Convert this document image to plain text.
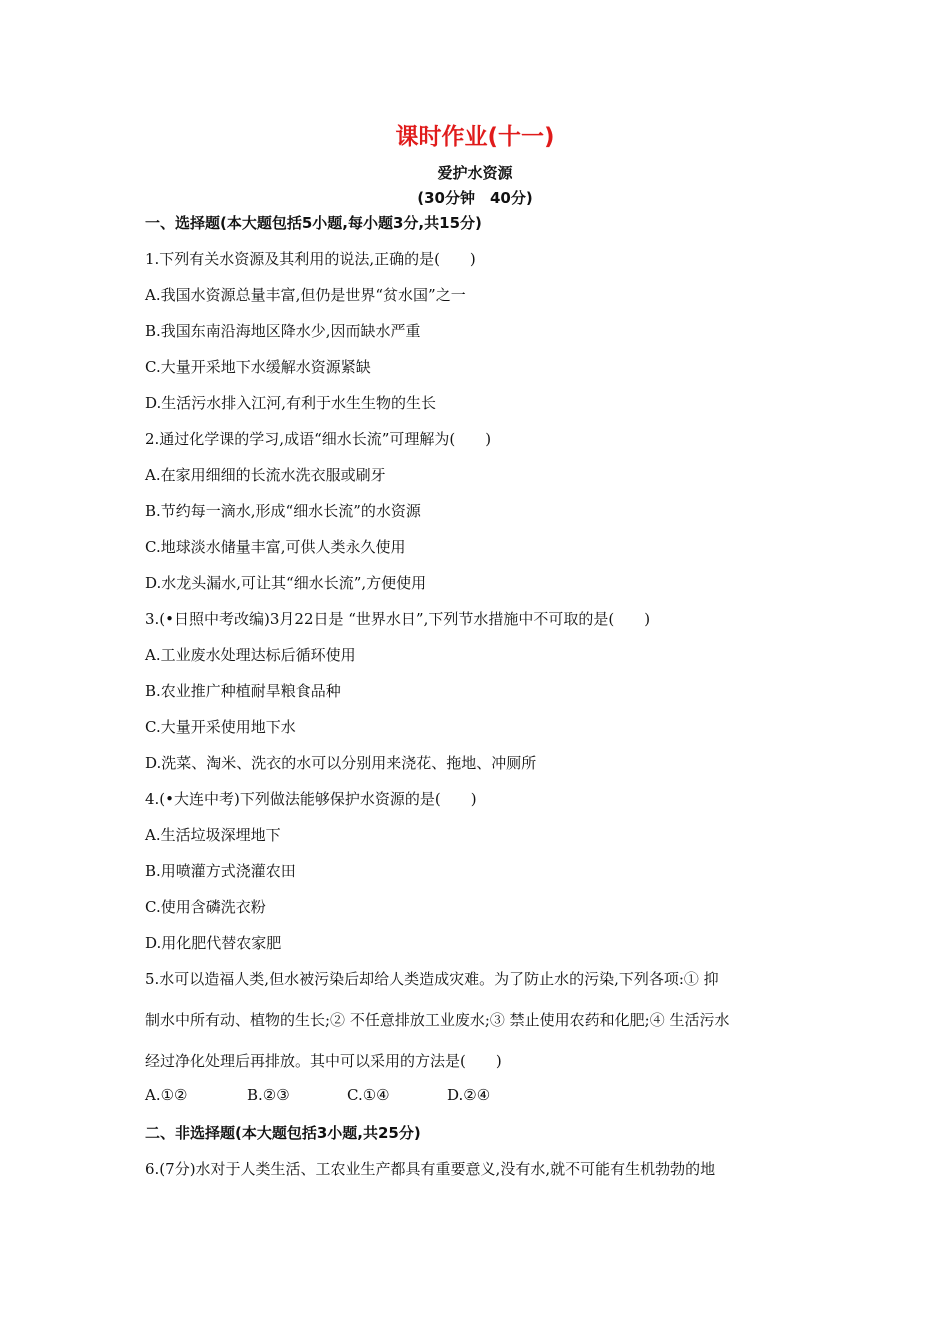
课时作业(十一)
爱护水资源
(30分钟　40分)
一、选择题(本大题包括5小题,每小题3分,共15分)
1.下列有关水资源及其利用的说法,正确的是(　　)
A.我国水资源总量丰富,但仍是世界“贫水国”之一
B.我国东南沿海地区降水少,因而缺水严重
C.大量开采地下水缓解水资源紧缺
D.生活污水排入江河,有利于水生生物的生长
2.通过化学课的学习,成语“细水长流”可理解为(　　)
A.在家用细细的长流水洗衣服或刷牙
B.节约每一滴水,形成“细水长流”的水资源
C.地球淡水储量丰富,可供人类永久使用
D.水龙头漏水,可让其“细水长流”,方便使用
3.(•日照中考改编)3月22日是 “世界水日”,下列节水措施中不可取的是(　　)
A.工业废水处理达标后循环使用
B.农业推广种植耐旱粮食品种
C.大量开采使用地下水
D.洗菜、淘米、洗衣的水可以分别用来浇花、拖地、冲厕所
4.(•大连中考)下列做法能够保护水资源的是(　　)
A.生活垃圾深埋地下
B.用喷灌方式浇灌农田
C.使用含磷洗衣粉
D.用化肥代替农家肥
5.水可以造福人类,但水被污染后却给人类造成灾难。为了防止水的污染,下列各项:① 抑
制水中所有动、植物的生长;② 不任意排放工业废水;③ 禁止使用农药和化肥;④ 生活污水
经过净化处理后再排放。其中可以采用的方法是(　　)
A.①②	B.②③	C.①④	D.②④
二、非选择题(本大题包括3小题,共25分)
6.(7分)水对于人类生活、工农业生产都具有重要意义,没有水,就不可能有生机勃勃的地
